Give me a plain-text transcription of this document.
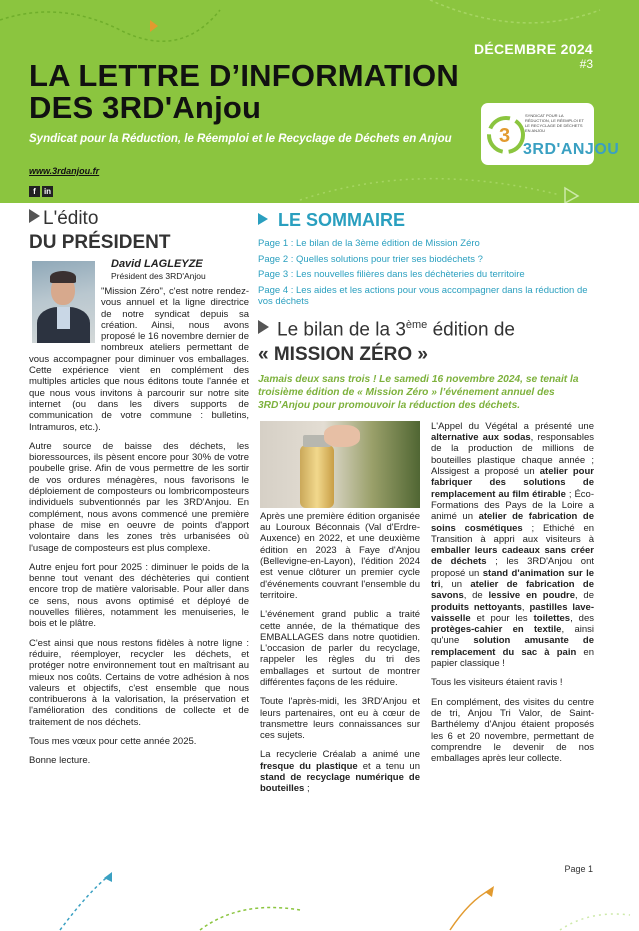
DÉCEMBRE 2024
#3
LA LETTRE D’INFORMATION
DES 3RD'Anjou
Syndicat pour la Réduction, le Réemploi et le Recyclage de Déchets en Anjou
www.3rdanjou.fr
f	in
3
SYNDICAT POUR LA RÉDUCTION, LE RÉEMPLOI ET LE RECYCLAGE DE DÉCHETS EN ANJOU
3RD'ANJOU
L'édito
DU PRÉSIDENT
David LAGLEYZE
Président des 3RD'Anjou

"Mission Zéro", c'est notre rendez-vous annuel et la ligne directrice de notre syndicat depuis sa création. Ainsi, nous avons proposé le 16 novembre dernier de nombreux ateliers permettant de vous accompagner pour diminuer vos emballages. Cette expérience vient en complément des multiples articles que nous éditons toute l'année et que nous vous invitons à parcourir sur notre site internet (ou dans les divers supports de communication de votre commune : bulletins, Intramuros, etc.).

Autre source de baisse des déchets, les bioressources, ils pèsent encore pour 30% de votre poubelle grise. Afin de vous permettre de les sortir de vos ordures ménagères, nous favorisons le déploiement de composteurs ou lombricomposteurs individuels subventionnés par les 3RD'Anjou. En complément, nous avons commencé une première phase de mise en oeuvre de points d'apport volontaire dans les zones très urbanisées où l'usage de composteurs est plus complexe.

Autre enjeu fort pour 2025 : diminuer le poids de la benne tout venant des déchèteries qui contient encore trop de matière valorisable. Pour aller dans ce sens, nous avons optimisé et déployé de nouvelles filières, notamment les menuiseries, le bois et le plâtre.

C'est ainsi que nous restons fidèles à notre ligne : réduire, réemployer, recycler les déchets, et protéger notre environnement tout en maîtrisant au mieux nos coûts. Certains de votre adhésion à nos valeurs et objectifs, c'est ensemble que nous contribuerons à la valorisation, la préservation et l'amélioration des conditions de collecte et de traitement de nos déchets.

Tous mes vœux pour cette année 2025.

Bonne lecture.

LE SOMMAIRE
Page 1 : Le bilan de la 3ème édition de Mission Zéro
Page 2 : Quelles solutions pour trier ses biodéchets ?
Page 3 : Les nouvelles filières dans les déchèteries du territoire
Page 4 : Les aides et les actions pour vous accompagner dans la réduction de vos déchets
Le bilan de la 3ème édition de
« MISSION ZÉRO »
Jamais deux sans trois ! Le samedi 16 novembre 2024, se tenait la troisième édition de « Mission Zéro » l’événement annuel des 3RD’Anjou pour promouvoir la réduction des déchets.

Après une première édition organisée au Louroux Béconnais (Val d'Erdre-Auxence) en 2022, et une deuxième édition en 2023 à Faye d'Anjou (Bellevigne-en-Layon), l'édition 2024 est venue clôturer un premier cycle d'événements couvrant l'ensemble du territoire.

L'événement grand public a traité cette année, de la thématique des EMBALLAGES dans notre quotidien. L'occasion de parler du recyclage, rappeler les règles du tri des emballages et surtout de montrer différentes façons de les réduire.

Toute l'après-midi, les 3RD'Anjou et leurs partenaires, ont eu à cœur de transmettre leurs connaissances sur ces sujets.

La recyclerie Créalab a animé une fresque du plastique et a tenu un stand de recyclage numérique de bouteilles ;

L'Appel du Végétal a présenté une alternative aux sodas, responsables de la production de millions de bouteilles plastique chaque année ; Alssigest a proposé un atelier pour fabriquer des solutions de remplacement au film étirable ; Éco-Formations des Pays de la Loire a animé un atelier de fabrication de soins cosmétiques ; Ethiché en Transition à appri aux visiteurs à emballer leurs cadeaux sans créer de déchets ; les 3RD'Anjou ont proposé un stand d'animation sur le tri, un atelier de fabrication de savons, de lessive en poudre, de produits nettoyants, pastilles lave-vaisselle et pour les toilettes, des protèges-cahier en textile, ainsi qu'une solution amusante de remplacement du sac à pain en papier classique !

Tous les visiteurs étaient ravis !

En complément, des visites du centre de tri, Anjou Tri Valor, de Saint-Barthélemy d'Anjou étaient proposés les 6 et 20 novembre, permettant de comprendre le devenir de nos emballages après leur collecte.

Page 1
